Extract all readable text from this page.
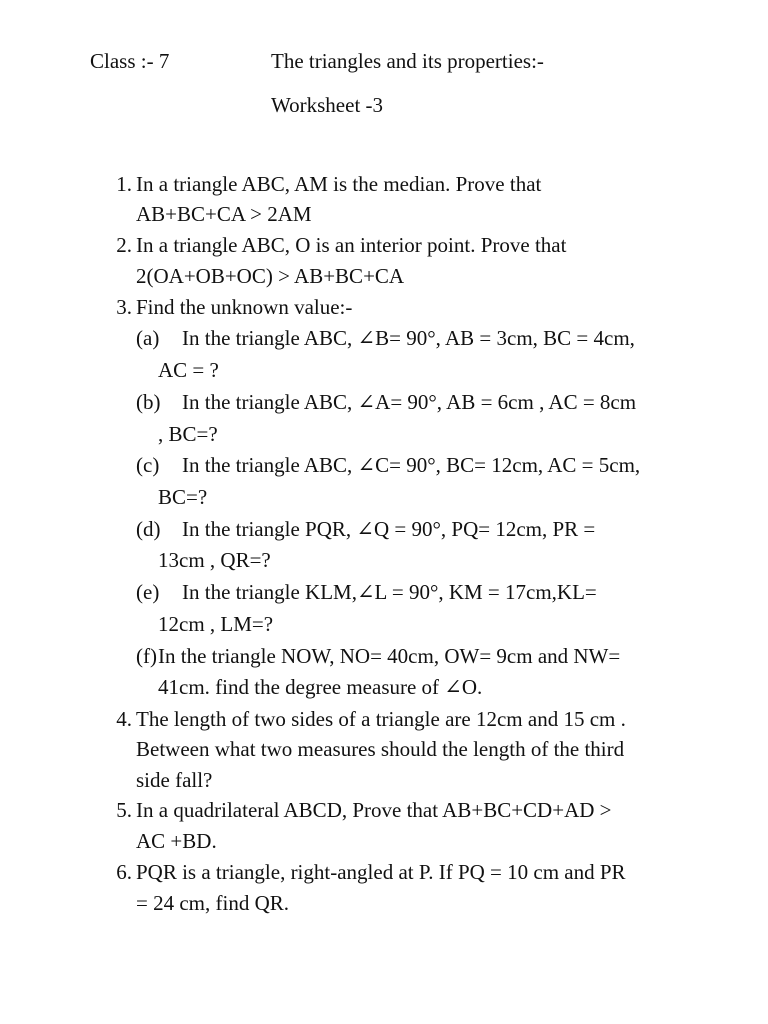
Class :- 7	The triangles and its properties:-
Worksheet -3
1. In a triangle ABC, AM is the median. Prove that
AB+BC+CA > 2AM
2. In a triangle ABC, O is an interior point. Prove that
2(OA+OB+OC) > AB+BC+CA
3. Find the unknown value:-
(a) In the triangle ABC, ∠B= 90°, AB = 3cm, BC = 4cm,
AC = ?
(b) In the triangle ABC, ∠A= 90°, AB = 6cm , AC = 8cm
, BC=?
(c) In the triangle ABC, ∠C= 90°, BC= 12cm, AC = 5cm,
BC=?
(d) In the triangle PQR, ∠Q = 90°, PQ= 12cm, PR =
13cm , QR=?
(e) In the triangle KLM,∠L = 90°, KM = 17cm,KL=
12cm , LM=?
(f) In the triangle NOW, NO= 40cm, OW= 9cm and NW=
41cm. find the degree measure of ∠O.
4. The length of two sides of a triangle are 12cm and 15 cm .
Between what two measures should the length of the third
side fall?
5. In a quadrilateral ABCD, Prove that AB+BC+CD+AD >
AC +BD.
6. PQR is a triangle, right-angled at P. If PQ = 10 cm and PR
= 24 cm, find QR.
